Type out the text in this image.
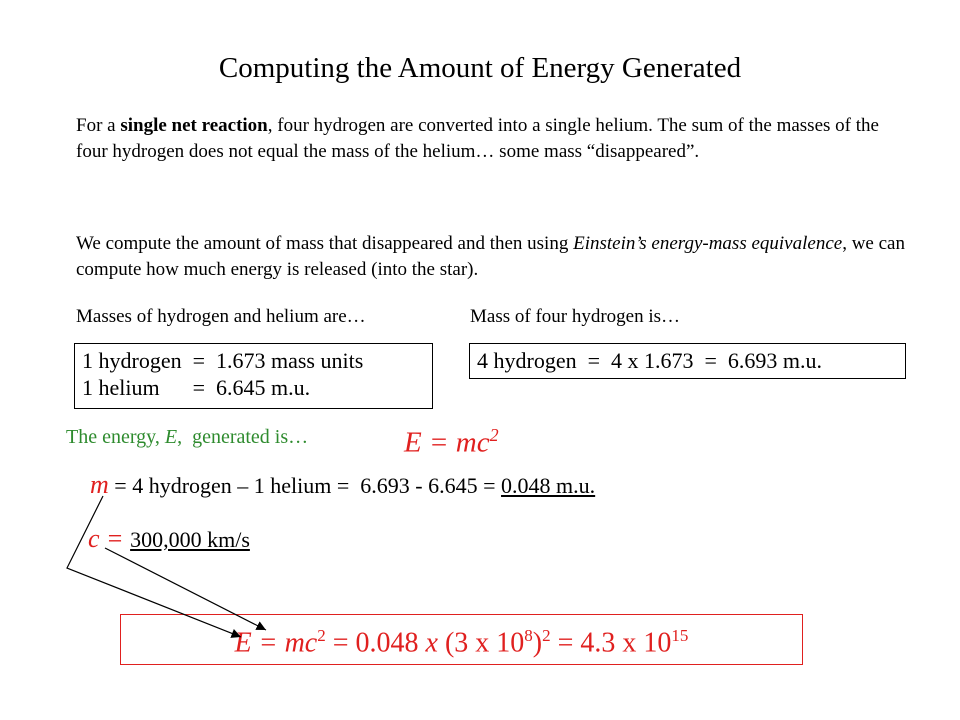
Computing the Amount of Energy Generated
For a single net reaction, four hydrogen are converted into a single helium. The sum of the masses of the four hydrogen does not equal the mass of the helium… some mass “disappeared”.
We compute the amount of mass that disappeared and then using Einstein’s energy-mass equivalence, we can compute how much energy is released (into the star).
Masses of hydrogen and helium are…	Mass of four hydrogen is…
1 hydrogen  =  1.673 mass units
1 helium      =  6.645 m.u.
4 hydrogen  =  4 x 1.673  =  6.693 m.u.
The energy, E,  generated is…	$E = mc^2$
m = 4 hydrogen – 1 helium =  6.693 - 6.645 = 0.048 m.u.
c = 300,000 km/s
$E = mc^2 = 0.048$ x (3 x $10^8)^2 = 4.3$ x $10^{15}$
